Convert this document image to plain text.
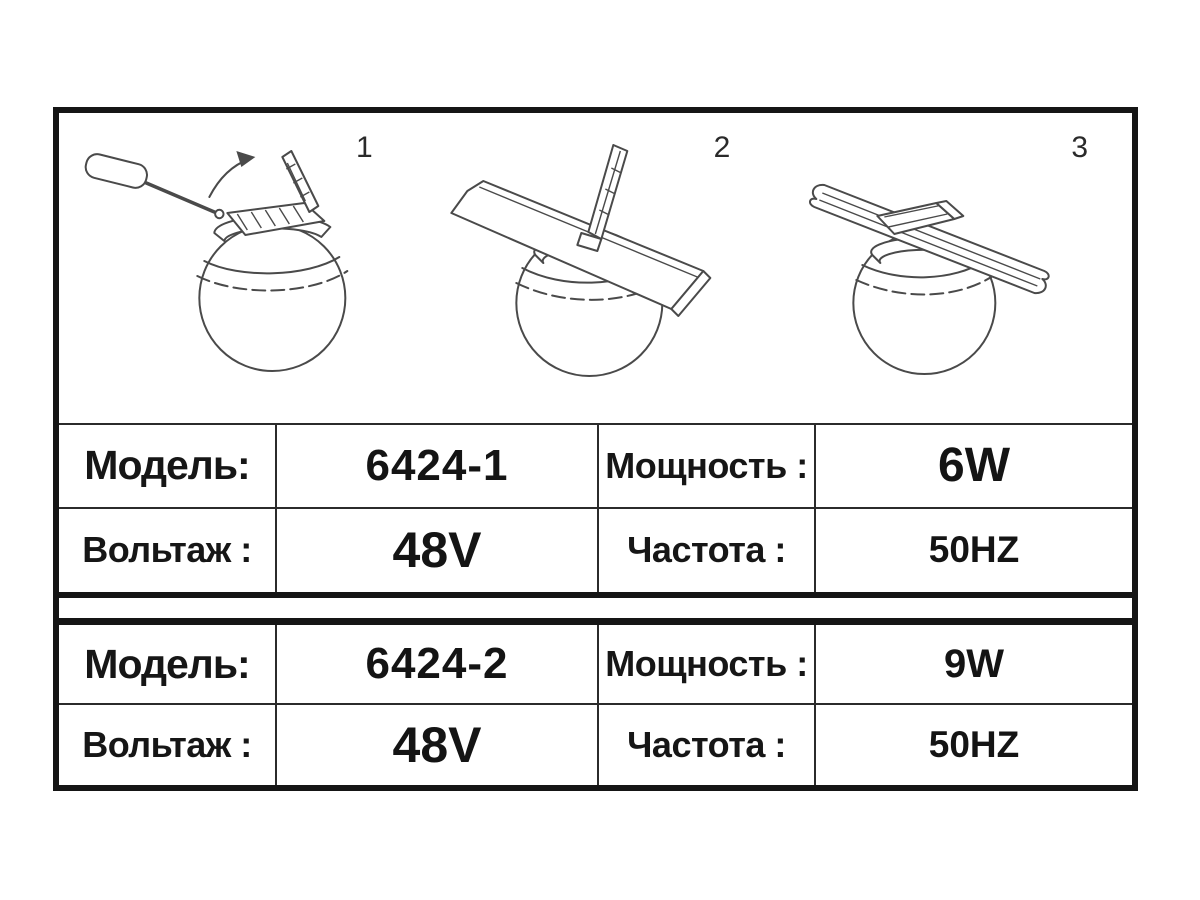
1	2	3
Модель:	6424-1	Мощность :	6W
Вольтаж :	48V	Частота :	50HZ
Модель:	6424-2	Мощность :	9W
Вольтаж :	48V	Частота :	50HZ
